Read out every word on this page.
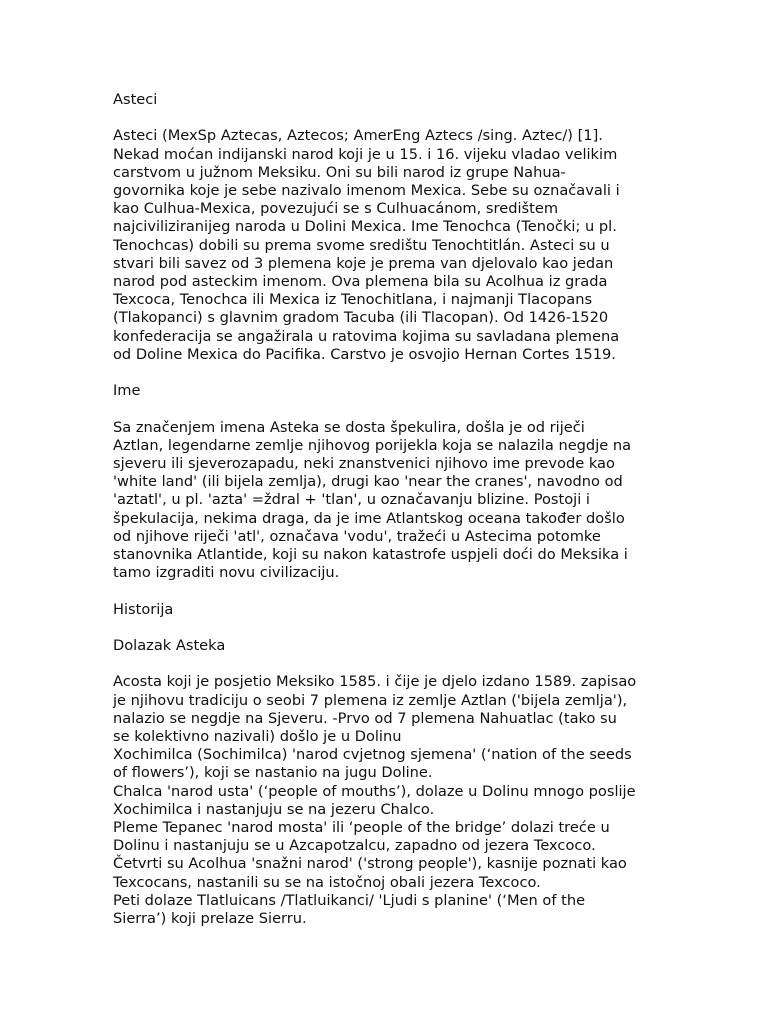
Asteci
Asteci (MexSp Aztecas, Aztecos; AmerEng Aztecs /sing. Aztec/) [1].
Nekad moćan indijanski narod koji je u 15. i 16. vijeku vladao velikim
carstvom u južnom Meksiku. Oni su bili narod iz grupe Nahua-
govornika koje je sebe nazivalo imenom Mexica. Sebe su označavali i
kao Culhua-Mexica, povezujući se s Culhuacánom, središtem
najciviliziranijeg naroda u Dolini Mexica. Ime Tenochca (Tenočki; u pl.
Tenochcas) dobili su prema svome središtu Tenochtitlán. Asteci su u
stvari bili savez od 3 plemena koje je prema van djelovalo kao jedan
narod pod asteckim imenom. Ova plemena bila su Acolhua iz grada
Texcoca, Tenochca ili Mexica iz Tenochitlana, i najmanji Tlacopans
(Tlakopanci) s glavnim gradom Tacuba (ili Tlacopan). Od 1426-1520
konfederacija se angažirala u ratovima kojima su savladana plemena
od Doline Mexica do Pacifika. Carstvo je osvojio Hernan Cortes 1519.
Ime
Sa značenjem imena Asteka se dosta špekulira, došla je od riječi
Aztlan, legendarne zemlje njihovog porijekla koja se nalazila negdje na
sjeveru ili sjeverozapadu, neki znanstvenici njihovo ime prevode kao
'white land' (ili bijela zemlja), drugi kao 'near the cranes', navodno od
'aztatl', u pl. 'azta' =ždral + 'tlan', u označavanju blizine. Postoji i
špekulacija, nekima draga, da je ime Atlantskog oceana također došlo
od njihove riječi 'atl', označava 'vodu', tražeći u Astecima potomke
stanovnika Atlantide, koji su nakon katastrofe uspjeli doći do Meksika i
tamo izgraditi novu civilizaciju.
Historija
Dolazak Asteka
Acosta koji je posjetio Meksiko 1585. i čije je djelo izdano 1589. zapisao
je njihovu tradiciju o seobi 7 plemena iz zemlje Aztlan ('bijela zemlja'),
nalazio se negdje na Sjeveru. -Prvo od 7 plemena Nahuatlac (tako su
se kolektivno nazivali) došlo je u Dolinu
Xochimilca (Sochimilca) 'narod cvjetnog sjemena' (‘nation of the seeds
of flowers’), koji se nastanio na jugu Doline.
Chalca 'narod usta' (‘people of mouths’), dolaze u Dolinu mnogo poslije
Xochimilca i nastanjuju se na jezeru Chalco.
Pleme Tepanec 'narod mosta' ili ‘people of the bridge’ dolazi treće u
Dolinu i nastanjuju se u Azcapotzalcu, zapadno od jezera Texcoco.
Četvrti su Acolhua 'snažni narod' ('strong people'), kasnije poznati kao
Texcocans, nastanili su se na istočnoj obali jezera Texcoco.
Peti dolaze Tlatluicans /Tlatluikanci/ 'Ljudi s planine' (‘Men of the
Sierra’) koji prelaze Sierru.
